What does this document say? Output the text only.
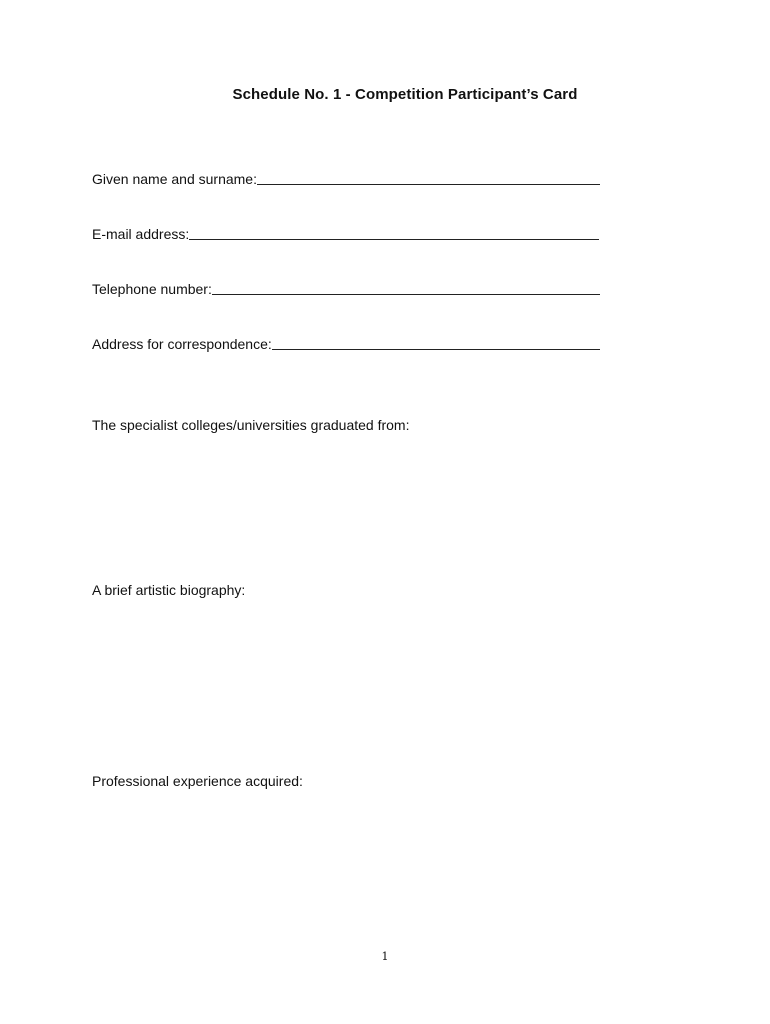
Schedule No. 1 - Competition Participant’s Card
Given name and surname:
E-mail address:
Telephone number:
Address for correspondence:
The specialist colleges/universities graduated from:
A brief artistic biography:
Professional experience acquired:
1
